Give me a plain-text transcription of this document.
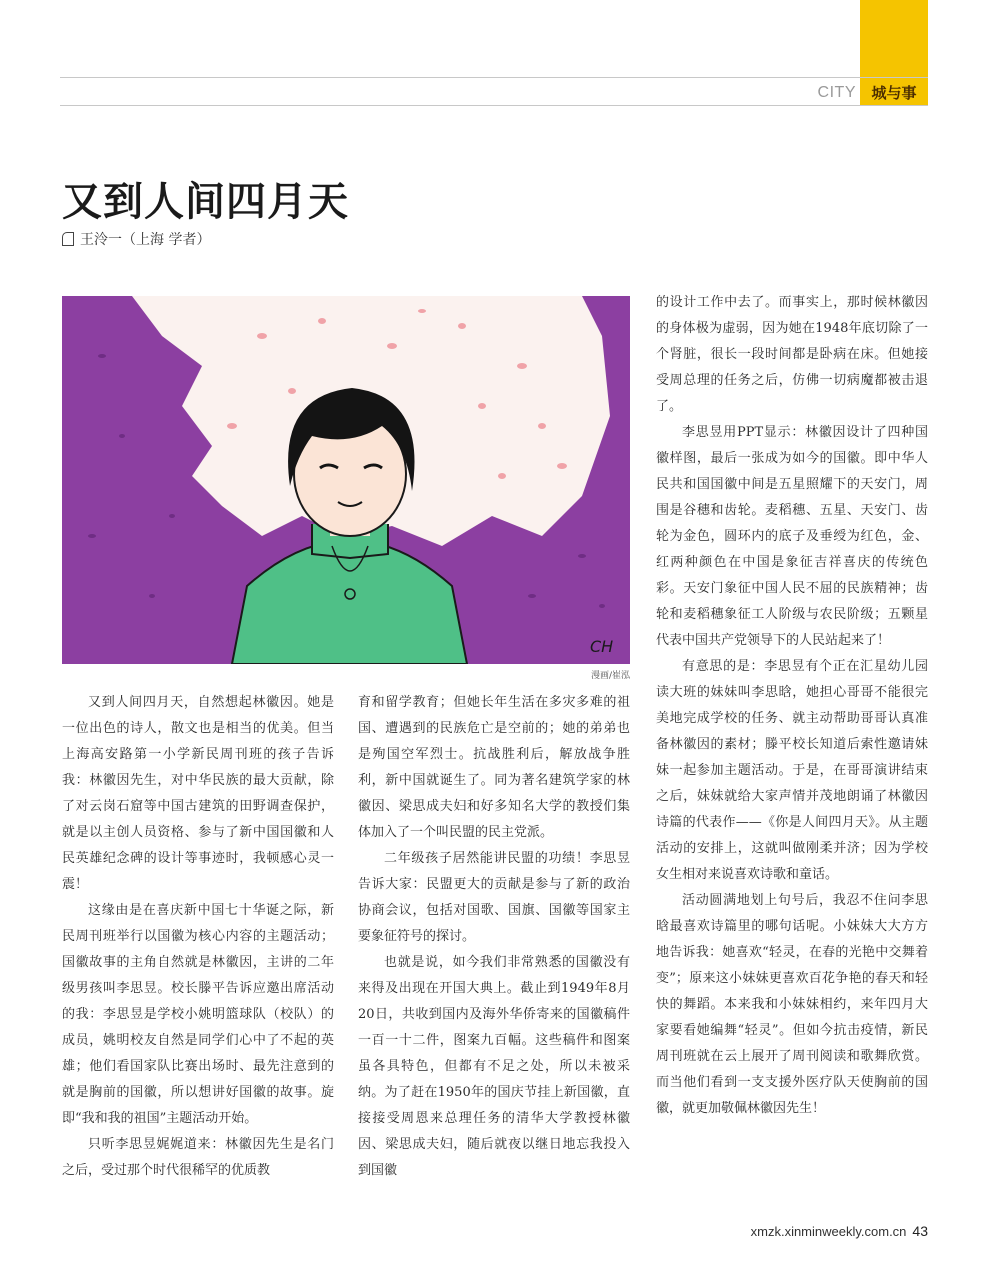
CITY	城与事
又到人间四月天
王泠一（上海 学者）
CH
漫画/崔泓

又到人间四月天，自然想起林徽因。她是一位出色的诗人，散文也是相当的优美。但当上海高安路第一小学新民周刊班的孩子告诉我：林徽因先生，对中华民族的最大贡献，除了对云岗石窟等中国古建筑的田野调查保护，就是以主创人员资格、参与了新中国国徽和人民英雄纪念碑的设计等事迹时，我顿感心灵一震！

这缘由是在喜庆新中国七十华诞之际，新民周刊班举行以国徽为核心内容的主题活动；国徽故事的主角自然就是林徽因，主讲的二年级男孩叫李思昱。校长滕平告诉应邀出席活动的我：李思昱是学校小姚明篮球队（校队）的成员，姚明校友自然是同学们心中了不起的英雄；他们看国家队比赛出场时、最先注意到的就是胸前的国徽，所以想讲好国徽的故事。旋即“我和我的祖国”主题活动开始。

只听李思昱娓娓道来：林徽因先生是名门之后，受过那个时代很稀罕的优质教

育和留学教育；但她长年生活在多灾多难的祖国、遭遇到的民族危亡是空前的；她的弟弟也是殉国空军烈士。抗战胜利后，解放战争胜利，新中国就诞生了。同为著名建筑学家的林徽因、梁思成夫妇和好多知名大学的教授们集体加入了一个叫民盟的民主党派。

二年级孩子居然能讲民盟的功绩！李思昱告诉大家：民盟更大的贡献是参与了新的政治协商会议，包括对国歌、国旗、国徽等国家主要象征符号的探讨。

也就是说，如今我们非常熟悉的国徽没有来得及出现在开国大典上。截止到1949年8月20日，共收到国内及海外华侨寄来的国徽稿件一百一十二件，图案九百幅。这些稿件和图案虽各具特色，但都有不足之处，所以未被采纳。为了赶在1950年的国庆节挂上新国徽，直接接受周恩来总理任务的清华大学教授林徽因、梁思成夫妇，随后就夜以继日地忘我投入到国徽

的设计工作中去了。而事实上，那时候林徽因的身体极为虚弱，因为她在1948年底切除了一个肾脏，很长一段时间都是卧病在床。但她接受周总理的任务之后，仿佛一切病魔都被击退了。

李思昱用PPT显示：林徽因设计了四种国徽样图，最后一张成为如今的国徽。即中华人民共和国国徽中间是五星照耀下的天安门，周围是谷穗和齿轮。麦稻穗、五星、天安门、齿轮为金色，圆环内的底子及垂绶为红色，金、红两种颜色在中国是象征吉祥喜庆的传统色彩。天安门象征中国人民不屈的民族精神；齿轮和麦稻穗象征工人阶级与农民阶级；五颗星代表中国共产党领导下的人民站起来了！

有意思的是：李思昱有个正在汇星幼儿园读大班的妹妹叫李思晗，她担心哥哥不能很完美地完成学校的任务、就主动帮助哥哥认真准备林徽因的素材；滕平校长知道后索性邀请妹妹一起参加主题活动。于是，在哥哥演讲结束之后，妹妹就给大家声情并茂地朗诵了林徽因诗篇的代表作——《你是人间四月天》。从主题活动的安排上，这就叫做刚柔并济；因为学校女生相对来说喜欢诗歌和童话。

活动圆满地划上句号后，我忍不住问李思晗最喜欢诗篇里的哪句话呢。小妹妹大大方方地告诉我：她喜欢“轻灵，在春的光艳中交舞着变”；原来这小妹妹更喜欢百花争艳的春天和轻快的舞蹈。本来我和小妹妹相约，来年四月大家要看她编舞“轻灵”。但如今抗击疫情，新民周刊班就在云上展开了周刊阅读和歌舞欣赏。而当他们看到一支支援外医疗队天使胸前的国徽，就更加敬佩林徽因先生！

xmzk.xinminweekly.com.cn 43
